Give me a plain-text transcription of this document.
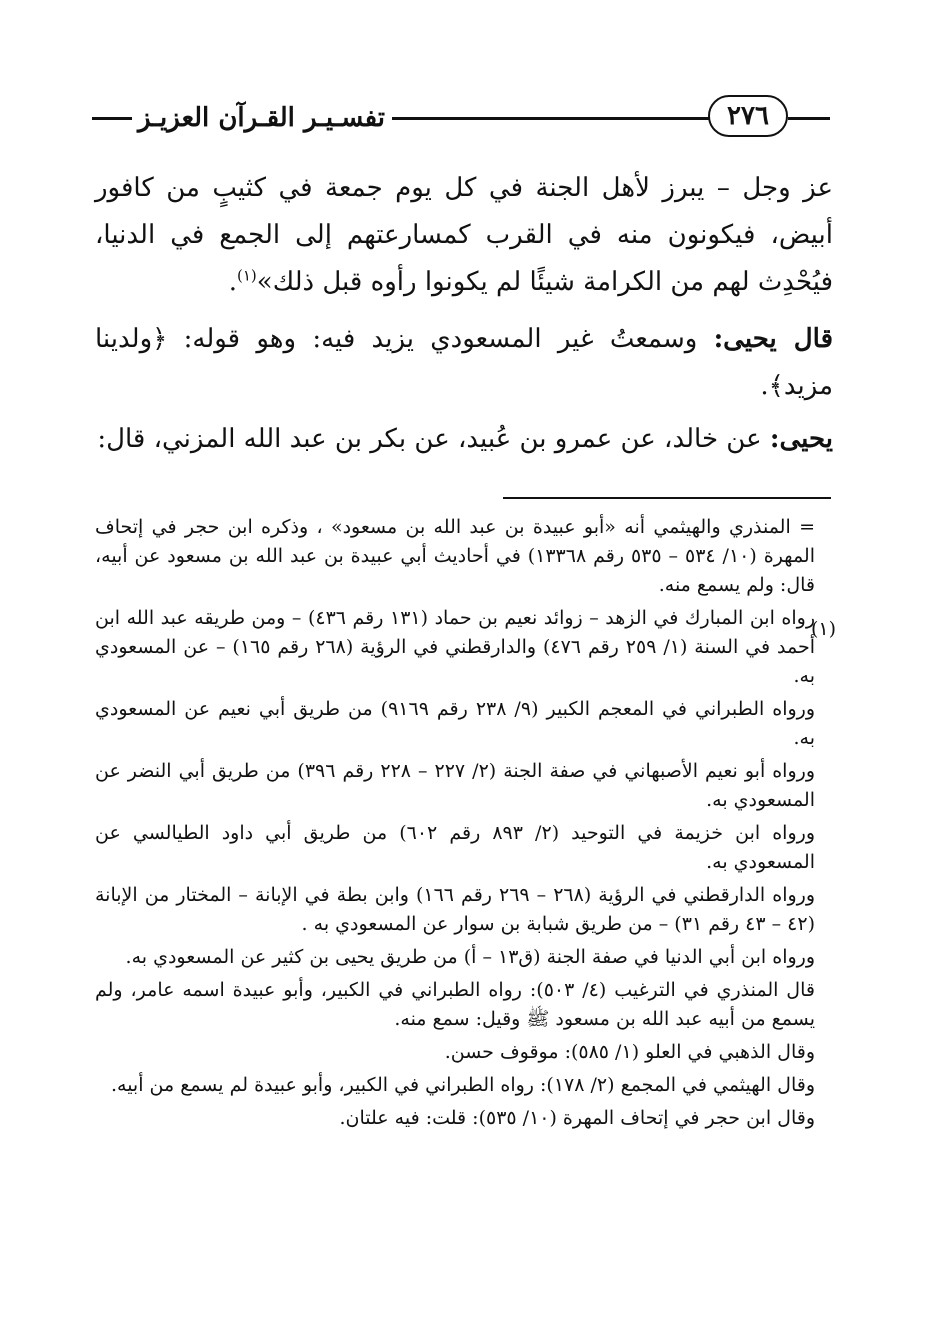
تفسـيـر القـرآن العزيـز	٢٧٦

عز وجل – يبرز لأهل الجنة في كل يوم جمعة في كثيبٍ من كافور أبيض، فيكونون منه في القرب كمسارعتهم إلى الجمع في الدنيا، فيُحْدِث لهم من الكرامة شيئًا لم يكونوا رأوه قبل ذلك»$^{(١)}$.

قال يحيى: وسمعتُ غير المسعودي يزيد فيه: وهو قوله: ﴿ولدينا مزيد﴾.

يحيى: عن خالد، عن عمرو بن عُبيد، عن بكر بن عبد الله المزني، قال:

(١)

= المنذري والهيثمي أنه «أبو عبيدة بن عبد الله بن مسعود» ، وذكره ابن حجر في إتحاف المهرة (١٠/ ٥٣٤ – ٥٣٥ رقم ١٣٣٦٨) في أحاديث أبي عبيدة بن عبد الله بن مسعود عن أبيه، قال: ولم يسمع منه.

رواه ابن المبارك في الزهد – زوائد نعيم بن حماد (١٣١ رقم ٤٣٦) – ومن طريقه عبد الله ابن أحمد في السنة (١/ ٢٥٩ رقم ٤٧٦) والدارقطني في الرؤية (٢٦٨ رقم ١٦٥) – عن المسعودي به.

ورواه الطبراني في المعجم الكبير (٩/ ٢٣٨ رقم ٩١٦٩) من طريق أبي نعيم عن المسعودي به.

ورواه أبو نعيم الأصبهاني في صفة الجنة (٢/ ٢٢٧ – ٢٢٨ رقم ٣٩٦) من طريق أبي النضر عن المسعودي به.

ورواه ابن خزيمة في التوحيد (٢/ ٨٩٣ رقم ٦٠٢) من طريق أبي داود الطيالسي عن المسعودي به.

ورواه الدارقطني في الرؤية (٢٦٨ – ٢٦٩ رقم ١٦٦) وابن بطة في الإبانة – المختار من الإبانة (٤٢ – ٤٣ رقم ٣١) – من طريق شبابة بن سوار عن المسعودي به .

ورواه ابن أبي الدنيا في صفة الجنة (ق١٣ – أ) من طريق يحيى بن كثير عن المسعودي به.

قال المنذري في الترغيب (٤/ ٥٠٣): رواه الطبراني في الكبير، وأبو عبيدة اسمه عامر، ولم يسمع من أبيه عبد الله بن مسعود ﷺ وقيل: سمع منه.

وقال الذهبي في العلو (١/ ٥٨٥): موقوف حسن.

وقال الهيثمي في المجمع (٢/ ١٧٨): رواه الطبراني في الكبير، وأبو عبيدة لم يسمع من أبيه.

وقال ابن حجر في إتحاف المهرة (١٠/ ٥٣٥): قلت: فيه علتان.
